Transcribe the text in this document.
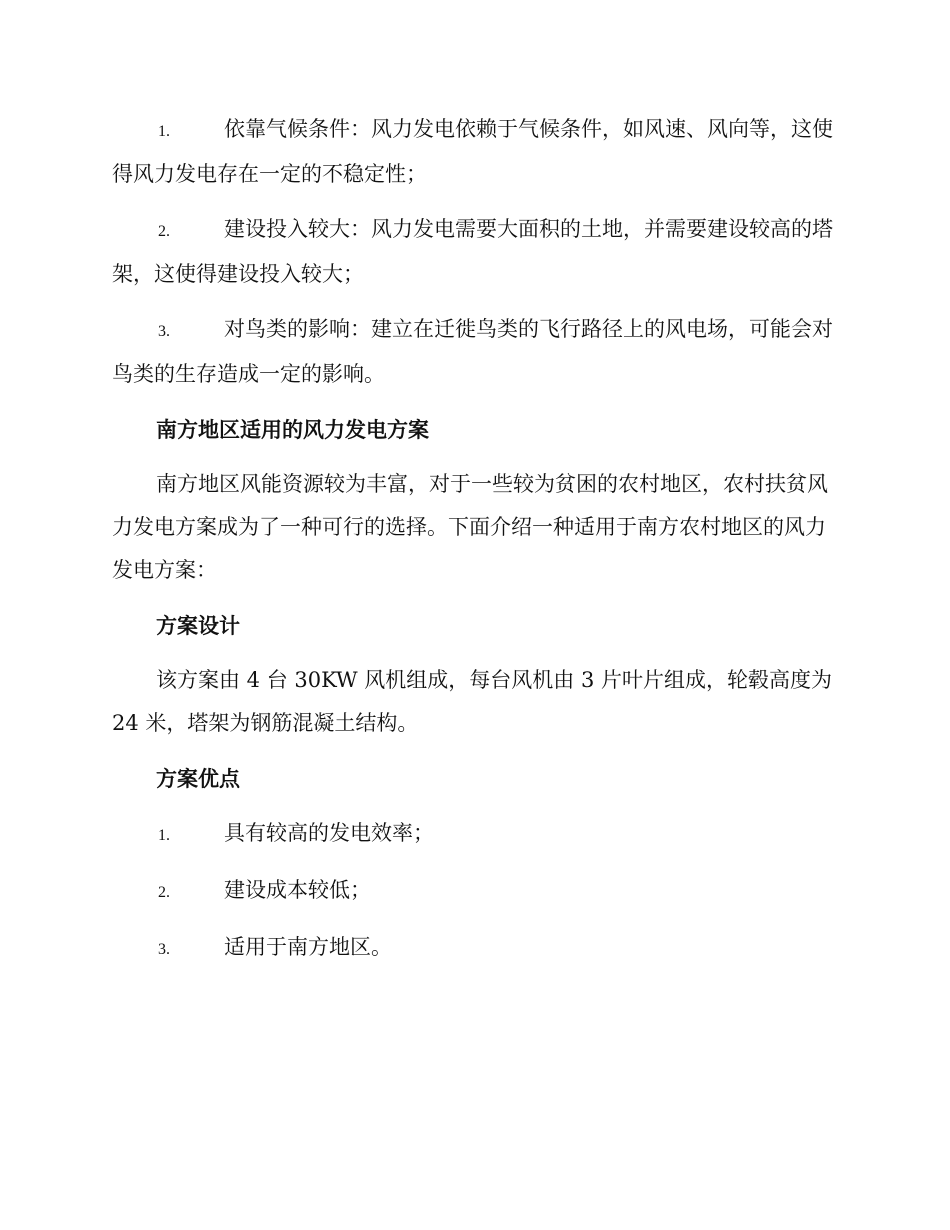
1.	依靠气候条件：风力发电依赖于气候条件，如风速、风向等，这使得风力发电存在一定的不稳定性；
2.	建设投入较大：风力发电需要大面积的土地，并需要建设较高的塔架，这使得建设投入较大；
3.	对鸟类的影响：建立在迁徙鸟类的飞行路径上的风电场，可能会对鸟类的生存造成一定的影响。
南方地区适用的风力发电方案
南方地区风能资源较为丰富，对于一些较为贫困的农村地区，农村扶贫风力发电方案成为了一种可行的选择。下面介绍一种适用于南方农村地区的风力发电方案：
方案设计
该方案由 4 台 30KW 风机组成，每台风机由 3 片叶片组成，轮毂高度为 24 米，塔架为钢筋混凝土结构。
方案优点
1.	具有较高的发电效率；
2.	建设成本较低；
3.	适用于南方地区。
